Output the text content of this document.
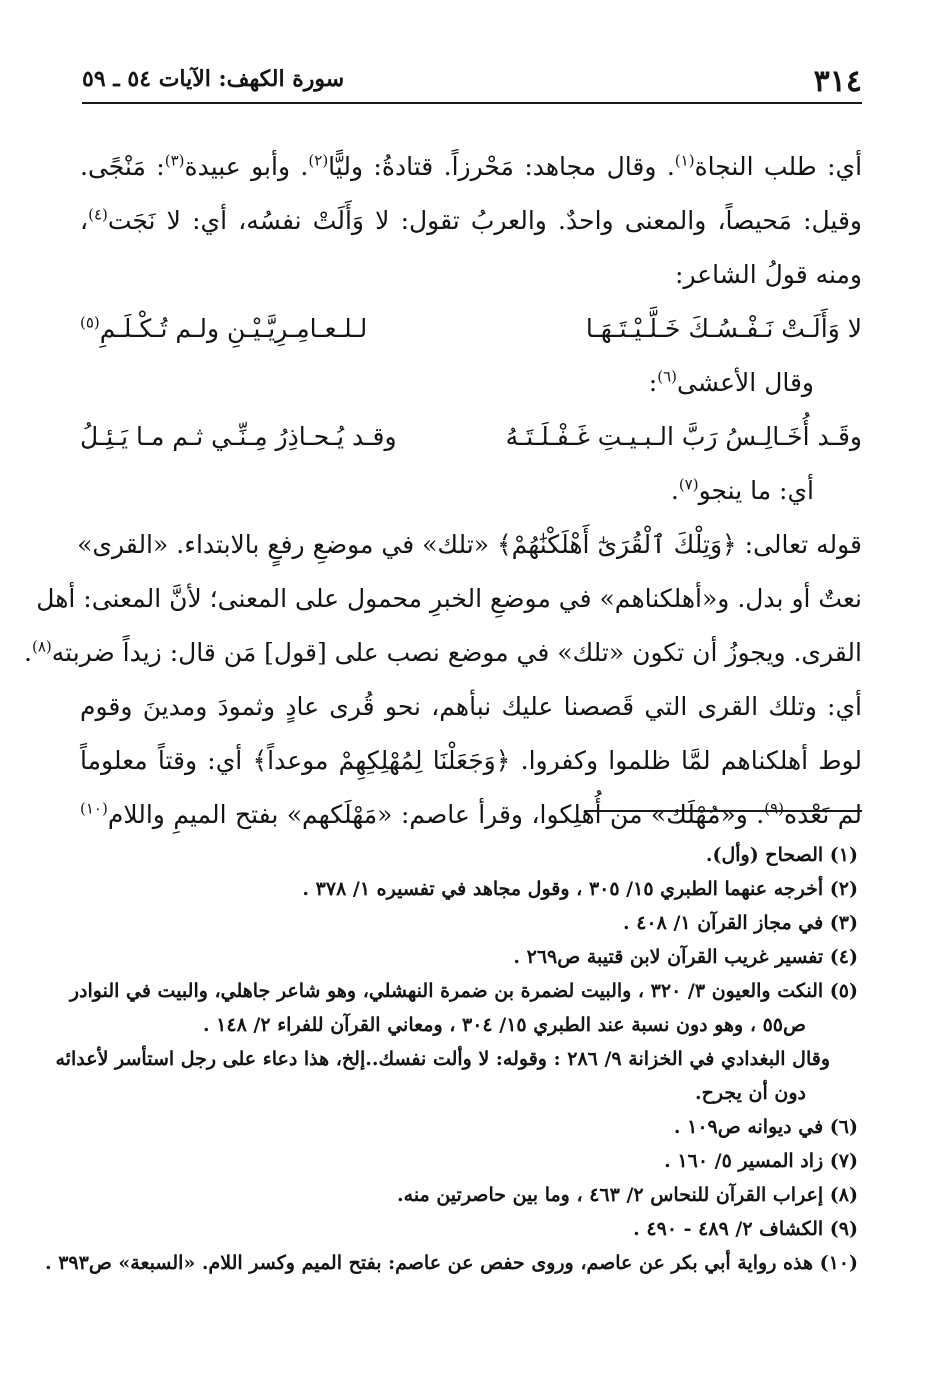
٣١٤
سورة الكهف: الآيات ٥٤ ـ ٥٩
أي: طلب النجاة$^{(١)}$. وقال مجاهد: مَحْرزاً. قتادةُ: وليًّا$^{(٢)}$. وأبو عبيدة$^{(٣)}$: مَنْجًى.
وقيل: مَحيصاً، والمعنى واحدٌ. والعربُ تقول: لا وَأَلَتْ نفسُه، أي: لا نَجَت$^{(٤)}$،
ومنه قولُ الشاعر:
لا وَأَلَـتْ نَـفْـسُـكَ خَـلَّـيْـتَـهَـا
لـلـعـامِـرِيَّـيْـنِ ولـم تُـكْـلَـمِ$^{(٥)}$
وقال الأعشى$^{(٦)}$:
وقَـد أُخَـالِـسُ رَبَّ الـبـيـتِ غَـفْـلَـتَـهُ
وقـد يُـحـاذِرُ مِـنِّـي ثـم مـا يَـئِـلُ
أي: ما ينجو$^{(٧)}$.
قوله تعالى: ﴿وَتِلْكَ ٱلْقُرَىٰٓ أَهْلَكْنَٰهُمْ﴾ «تلك» في موضعِ رفعٍ بالابتداء. «القرى»
نعتٌ أو بدل. و«أهلكناهم» في موضعِ الخبرِ محمول على المعنى؛ لأنَّ المعنى: أهل
القرى. ويجوزُ أن تكون «تلك» في موضع نصب على [قول] مَن قال: زيداً ضربته$^{(٨)}$.
أي: وتلك القرى التي قَصصنا عليك نبأهم، نحو قُرى عادٍ وثمودَ ومدينَ وقوم
لوط أهلكناهم لمَّا ظلموا وكفروا. ﴿وَجَعَلْنَا لِمُهْلِكِهِمْ موعداً﴾ أي: وقتاً معلوماً
لم نَعْده$^{(٩)}$. و«مُهْلَك» من أُهلِكوا، وقرأ عاصم: «مَهْلَكهم» بفتح الميمِ واللام$^{(١٠)}$
(١) الصحاح (وأل).
(٢) أخرجه عنهما الطبري ١٥/ ٣٠٥ ، وقول مجاهد في تفسيره ١/ ٣٧٨ .
(٣) في مجاز القرآن ١/ ٤٠٨ .
(٤) تفسير غريب القرآن لابن قتيبة ص٢٦٩ .
(٥) النكت والعيون ٣/ ٣٢٠ ، والبيت لضمرة بن ضمرة النهشلي، وهو شاعر جاهلي، والبيت في النوادر
ص٥٥ ، وهو دون نسبة عند الطبري ١٥/ ٣٠٤ ، ومعاني القرآن للفراء ٢/ ١٤٨ .
وقال البغدادي في الخزانة ٩/ ٢٨٦ : وقوله: لا وألت نفسك..إلخ، هذا دعاء على رجل استأسر لأعدائه
دون أن يجرح.
(٦) في ديوانه ص١٠٩ .
(٧) زاد المسير ٥/ ١٦٠ .
(٨) إعراب القرآن للنحاس ٢/ ٤٦٣ ، وما بين حاصرتين منه.
(٩) الكشاف ٢/ ٤٨٩ - ٤٩٠ .
(١٠) هذه رواية أبي بكر عن عاصم، وروى حفص عن عاصم: بفتح الميم وكسر اللام. «السبعة» ص٣٩٣ .
